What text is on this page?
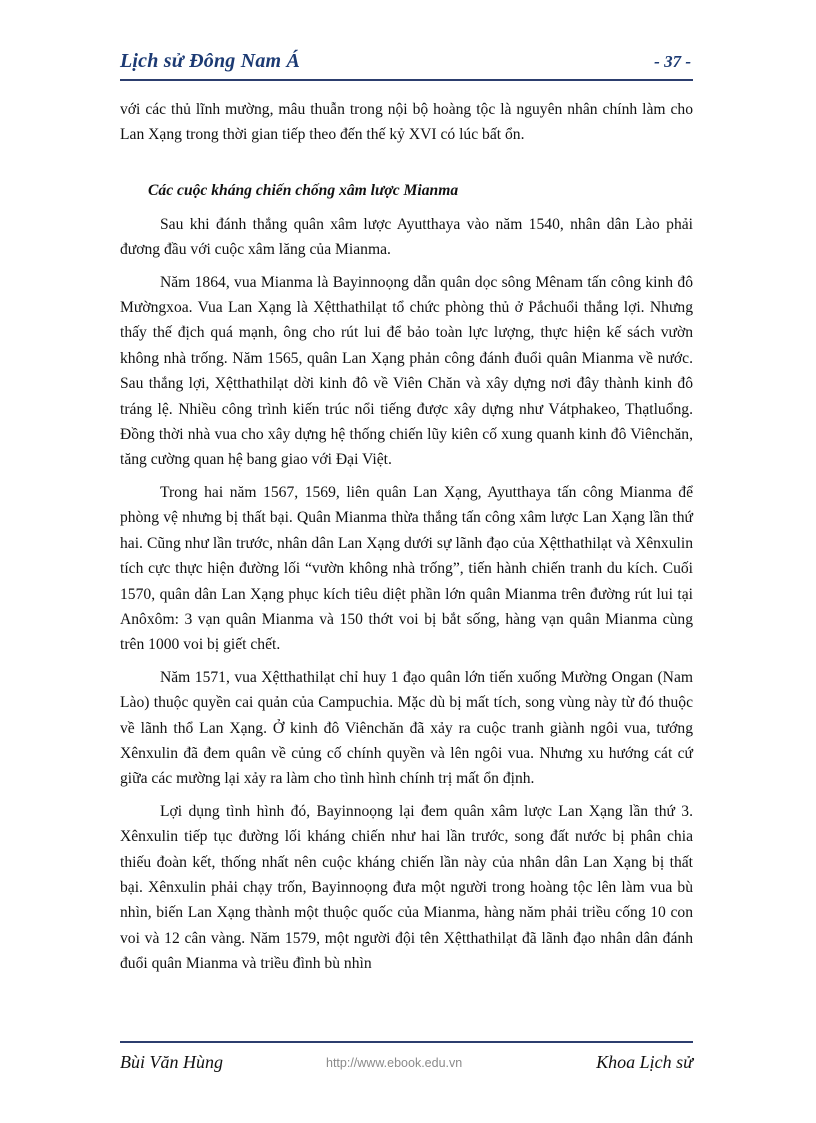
Lịch sử Đông Nam Á	- 37 -

với các thủ lĩnh mường, mâu thuẫn trong nội bộ hoàng tộc là nguyên nhân chính làm cho Lan Xạng trong thời gian tiếp theo đến thế kỷ XVI có lúc bất ổn.

Các cuộc kháng chiến chống xâm lược Mianma

Sau khi đánh thắng quân xâm lược Ayutthaya vào năm 1540, nhân dân Lào phải đương đầu với cuộc xâm lăng của Mianma.

Năm 1864, vua Mianma là Bayinnoọng dẫn quân dọc sông Mênam tấn công kinh đô Mườngxoa. Vua Lan Xạng là Xệtthathilạt tổ chức phòng thủ ở Pắchuổi thắng lợi. Nhưng thấy thế địch quá mạnh, ông cho rút lui để bảo toàn lực lượng, thực hiện kế sách vườn không nhà trống. Năm 1565, quân Lan Xạng phản công đánh đuổi quân Mianma về nước. Sau thắng lợi, Xệtthathilạt dời kinh đô về Viên Chăn và xây dựng nơi đây thành kinh đô tráng lệ. Nhiều công trình kiến trúc nổi tiếng được xây dựng như Vátphakeo, Thạtluổng. Đồng thời nhà vua cho xây dựng hệ thống chiến lũy kiên cố xung quanh kinh đô Viênchăn, tăng cường quan hệ bang giao với Đại Việt.

Trong hai năm 1567, 1569, liên quân Lan Xạng, Ayutthaya tấn công Mianma để phòng vệ nhưng bị thất bại. Quân Mianma thừa thắng tấn công xâm lược Lan Xạng lần thứ hai. Cũng như lần trước, nhân dân Lan Xạng dưới sự lãnh đạo của Xệtthathilạt và Xênxulin tích cực thực hiện đường lối “vườn không nhà trống”, tiến hành chiến tranh du kích. Cuối 1570, quân dân Lan Xạng phục kích tiêu diệt phần lớn quân Mianma trên đường rút lui tại Anôxôm: 3 vạn quân Mianma và 150 thớt voi bị bắt sống, hàng vạn quân Mianma cùng trên 1000 voi bị giết chết.

Năm 1571, vua Xệtthathilạt chỉ huy 1 đạo quân lớn tiến xuống Mường Ongan (Nam Lào) thuộc quyền cai quản của Campuchia. Mặc dù bị mất tích, song vùng này từ đó thuộc về lãnh thổ Lan Xạng. Ở kinh đô Viênchăn đã xảy ra cuộc tranh giành ngôi vua, tướng Xênxulin đã đem quân về củng cố chính quyền và lên ngôi vua. Nhưng xu hướng cát cứ giữa các mường lại xảy ra làm cho tình hình chính trị mất ổn định.

Lợi dụng tình hình đó, Bayinnoọng lại đem quân xâm lược Lan Xạng lần thứ 3. Xênxulin tiếp tục đường lối kháng chiến như hai lần trước, song đất nước bị phân chia thiếu đoàn kết, thống nhất nên cuộc kháng chiến lần này của nhân dân Lan Xạng bị thất bại. Xênxulin phải chạy trốn, Bayinnoọng đưa một người trong hoàng tộc lên làm vua bù nhìn, biến Lan Xạng thành một thuộc quốc của Mianma, hàng năm phải triều cống 10 con voi và 12 cân vàng. Năm 1579, một người đội tên Xệtthathilạt đã lãnh đạo nhân dân đánh đuổi quân Mianma và triều đình bù nhìn

Bùi Văn Hùng	http://www.ebook.edu.vn	Khoa Lịch sử
